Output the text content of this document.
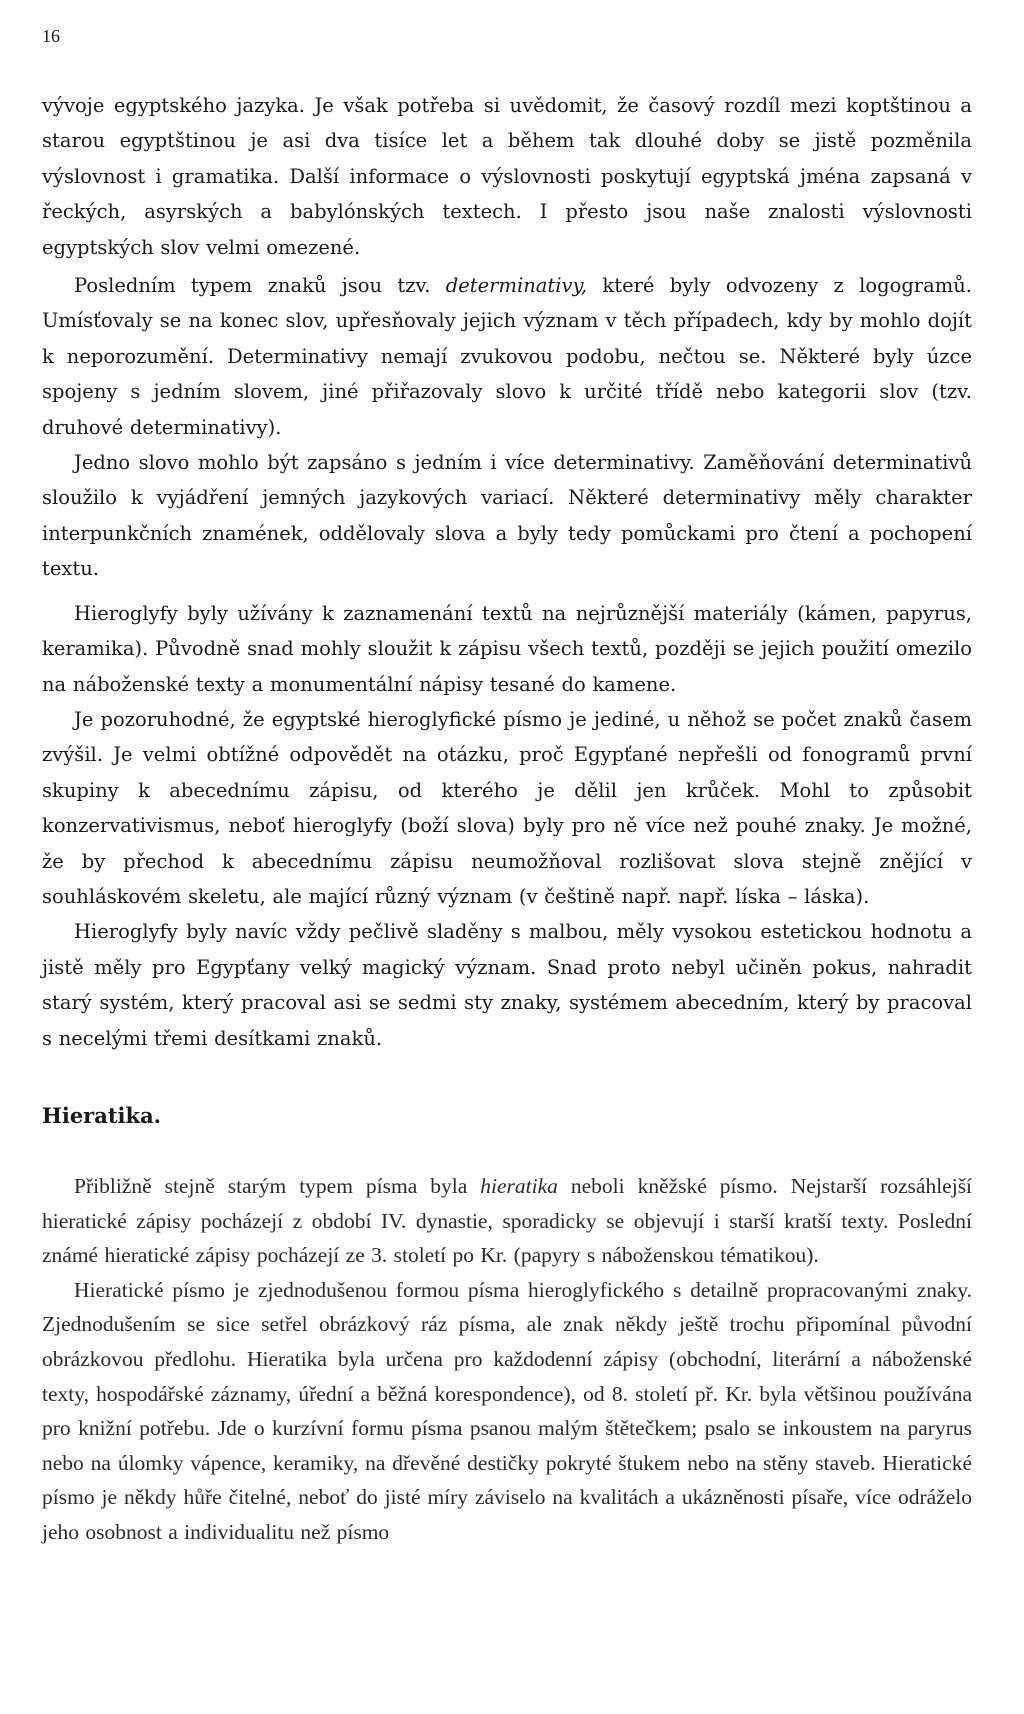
16

vývoje egyptského jazyka. Je však potřeba si uvědomit, že časový rozdíl mezi koptštinou a starou egyptštinou je asi dva tisíce let a během tak dlouhé doby se jistě pozměnila výslovnost i gramatika. Další informace o výslovnosti poskytují egyptská jména zapsaná v řeckých, asyrských a babylónských textech. I přesto jsou naše znalosti výslovnosti egyptských slov velmi omezené.

Posledním typem znaků jsou tzv. determinativy, které byly odvozeny z logogramů. Umísťovaly se na konec slov, upřesňovaly jejich význam v těch případech, kdy by mohlo dojít k neporozumění. Determinativy nemají zvukovou podobu, nečtou se. Některé byly úzce spojeny s jedním slovem, jiné přiřazovaly slovo k určité třídě nebo kategorii slov (tzv. druhové determinativy).

Jedno slovo mohlo být zapsáno s jedním i více determinativy. Zaměňování determinativů sloužilo k vyjádření jemných jazykových variací. Některé determinativy měly charakter interpunkčních znamének, oddělovaly slova a byly tedy pomůckami pro čtení a pochopení textu.

Hieroglyfy byly užívány k zaznamenání textů na nejrůznější materiály (kámen, papyrus, keramika). Původně snad mohly sloužit k zápisu všech textů, později se jejich použití omezilo na náboženské texty a monumentální nápisy tesané do kamene.

Je pozoruhodné, že egyptské hieroglyfické písmo je jediné, u něhož se počet znaků časem zvýšil. Je velmi obtížné odpovědět na otázku, proč Egypťané nepřešli od fonogramů první skupiny k abecednímu zápisu, od kterého je dělil jen krůček. Mohl to způsobit konzervativismus, neboť hieroglyfy (boží slova) byly pro ně více než pouhé znaky. Je možné, že by přechod k abecednímu zápisu neumožňoval rozlišovat slova stejně znějící v souhláskovém skeletu, ale mající různý význam (v češtině např. např. líska – láska).

Hieroglyfy byly navíc vždy pečlivě sladěny s malbou, měly vysokou estetickou hodnotu a jistě měly pro Egypťany velký magický význam. Snad proto nebyl učiněn pokus, nahradit starý systém, který pracoval asi se sedmi sty znaky, systémem abecedním, který by pracoval s necelými třemi desítkami znaků.

Hieratika.

Přibližně stejně starým typem písma byla hieratika neboli kněžské písmo. Nejstarší rozsáhlejší hieratické zápisy pocházejí z období IV. dynastie, sporadicky se objevují i starší kratší texty. Poslední známé hieratické zápisy pocházejí ze 3. století po Kr. (papyry s náboženskou tématikou).

Hieratické písmo je zjednodušenou formou písma hieroglyfického s detailně propracovanými znaky. Zjednodušením se sice setřel obrázkový ráz písma, ale znak někdy ještě trochu připomínal původní obrázkovou předlohu. Hieratika byla určena pro každodenní zápisy (obchodní, literární a náboženské texty, hospodářské záznamy, úřední a běžná korespondence), od 8. století př. Kr. byla většinou používána pro knižní potřebu. Jde o kurzívní formu písma psanou malým štětečkem; psalo se inkoustem na paryrus nebo na úlomky vápence, keramiky, na dřevěné destičky pokryté štukem nebo na stěny staveb. Hieratické písmo je někdy hůře čitelné, neboť do jisté míry záviselo na kvalitách a ukázněnosti písaře, více odráželo jeho osobnost a individualitu než písmo
